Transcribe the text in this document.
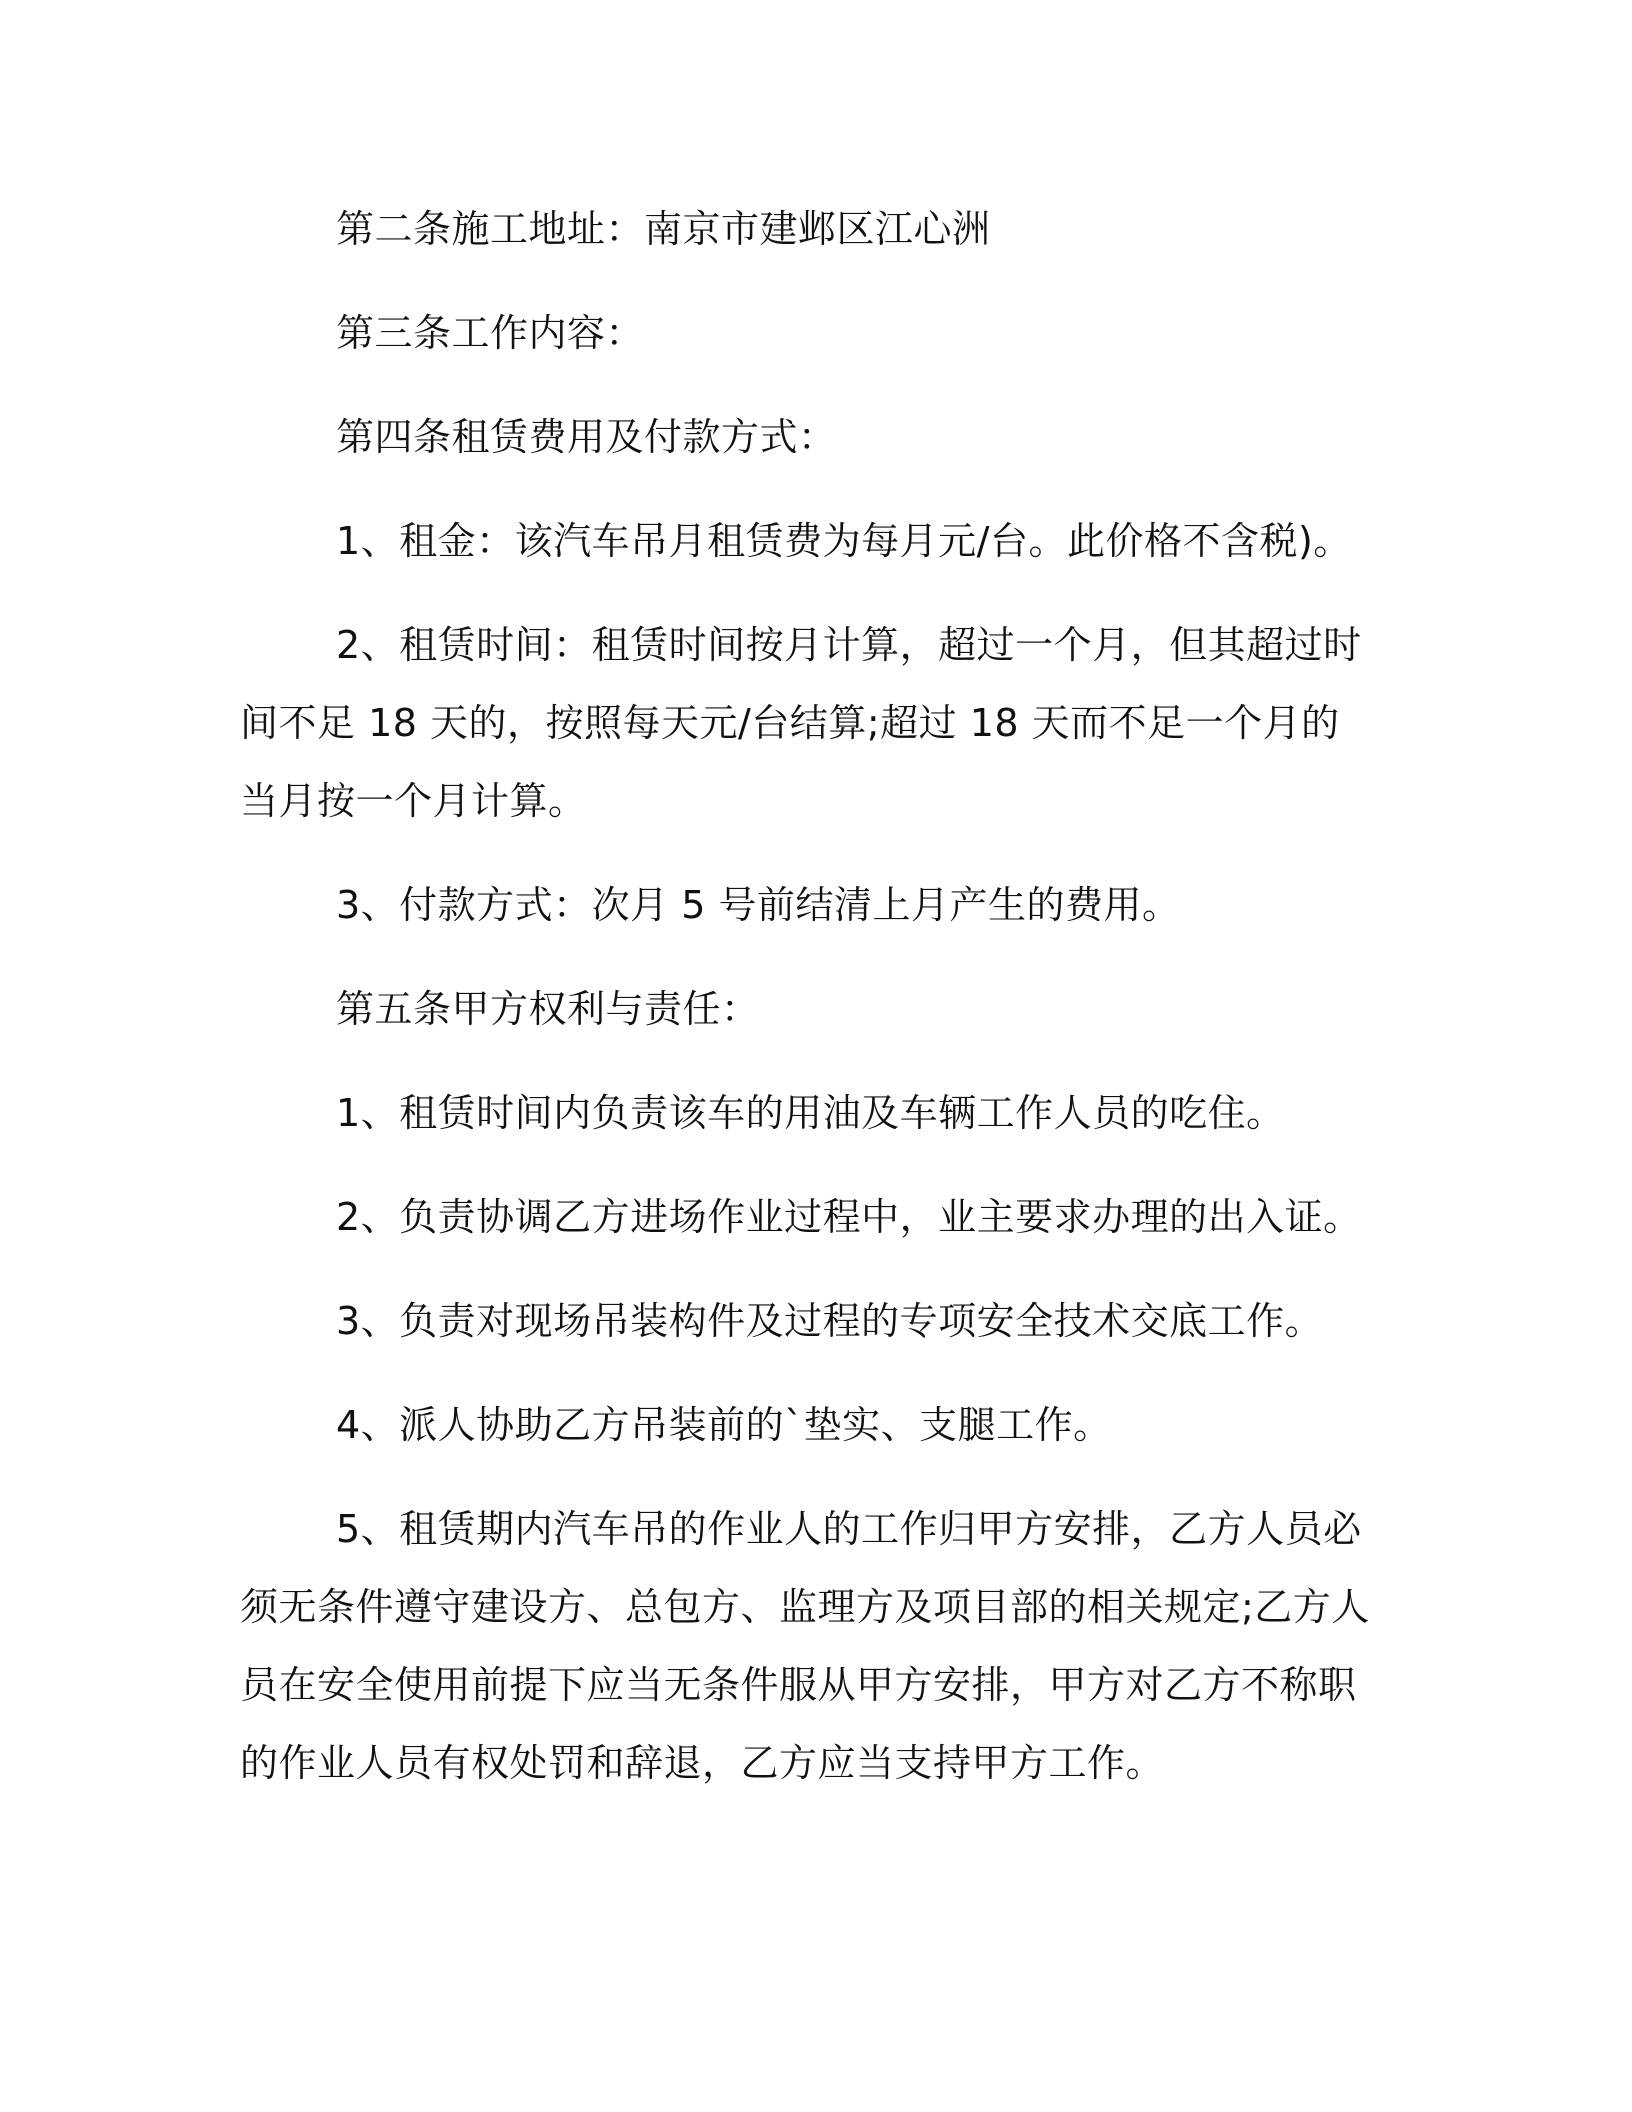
第二条施工地址：南京市建邺区江心洲

第三条工作内容：

第四条租赁费用及付款方式：

1、租金：该汽车吊月租赁费为每月元/台。此价格不含税)。

2、租赁时间：租赁时间按月计算，超过一个月，但其超过时间不足 18 天的，按照每天元/台结算;超过 18 天而不足一个月的当月按一个月计算。

3、付款方式：次月 5 号前结清上月产生的费用。

第五条甲方权利与责任：

1、租赁时间内负责该车的用油及车辆工作人员的吃住。

2、负责协调乙方进场作业过程中，业主要求办理的出入证。

3、负责对现场吊装构件及过程的专项安全技术交底工作。

4、派人协助乙方吊装前的`垫实、支腿工作。

5、租赁期内汽车吊的作业人的工作归甲方安排，乙方人员必须无条件遵守建设方、总包方、监理方及项目部的相关规定;乙方人员在安全使用前提下应当无条件服从甲方安排，甲方对乙方不称职的作业人员有权处罚和辞退，乙方应当支持甲方工作。
